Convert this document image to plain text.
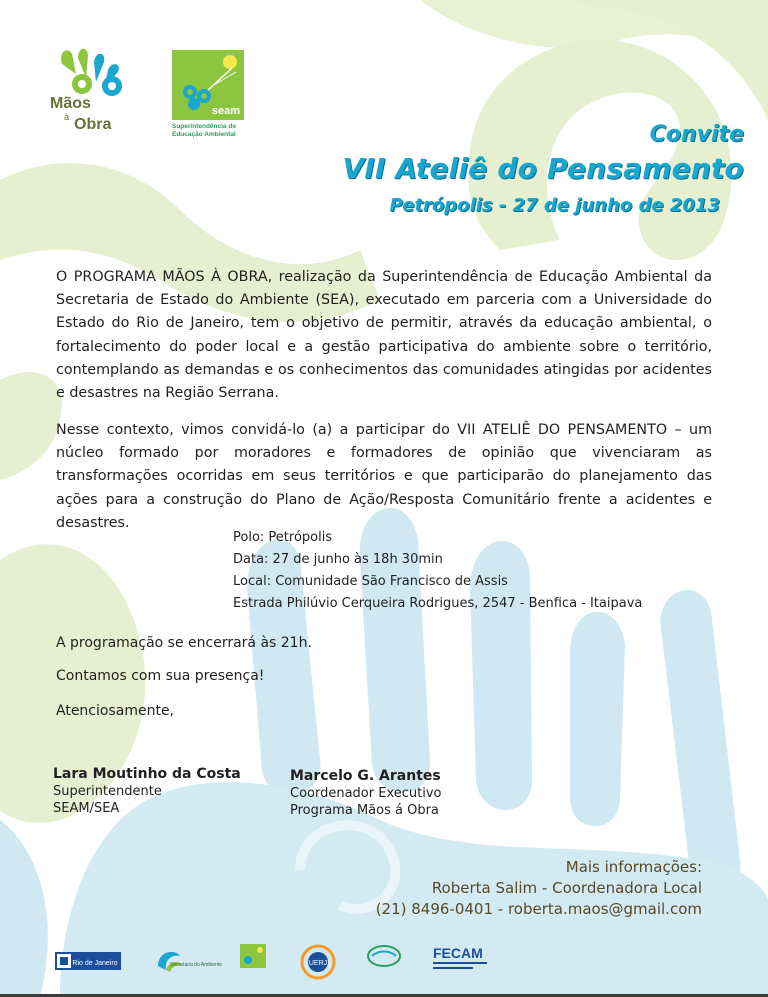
Mãos
à Obra
seam
Superintendência de Educação Ambiental	Convite
VII Ateliê do Pensamento
Petrópolis - 27 de junho de 2013
O PROGRAMA MÃOS À OBRA, realização da Superintendência de Educação Ambiental da Secretaria de Estado do Ambiente (SEA), executado em parceria com a Universidade do Estado do Rio de Janeiro, tem o objetivo de permitir, através da educação ambiental, o fortalecimento do poder local e a gestão participativa do ambiente sobre o território, contemplando as demandas e os conhecimentos das comunidades atingidas por acidentes e desastres na Região Serrana.
Nesse contexto, vimos convidá-lo (a) a participar do VII ATELIÊ DO PENSAMENTO – um núcleo formado por moradores e formadores de opinião que vivenciaram as transformações ocorridas em seus territórios e que participarão do planejamento das ações para a construção do Plano de Ação/Resposta Comunitário frente a acidentes e desastres.
Polo: Petrópolis
Data: 27 de junho às 18h 30min
Local: Comunidade São Francisco de Assis
Estrada Philúvio Cerqueira Rodrigues, 2547 - Benfica - Itaipava
A programação se encerrará às 21h.
Contamos com sua presença!
Atenciosamente,
Lara Moutinho da Costa
Superintendente
SEAM/SEA
Marcelo G. Arantes
Coordenador Executivo
Programa Mãos á Obra
Mais informações:
Roberta Salim - Coordenadora Local
(21) 8496-0401 - roberta.maos@gmail.com
Rio de Janeiro	Secretaria do Ambiente	UERJ
FECAM
